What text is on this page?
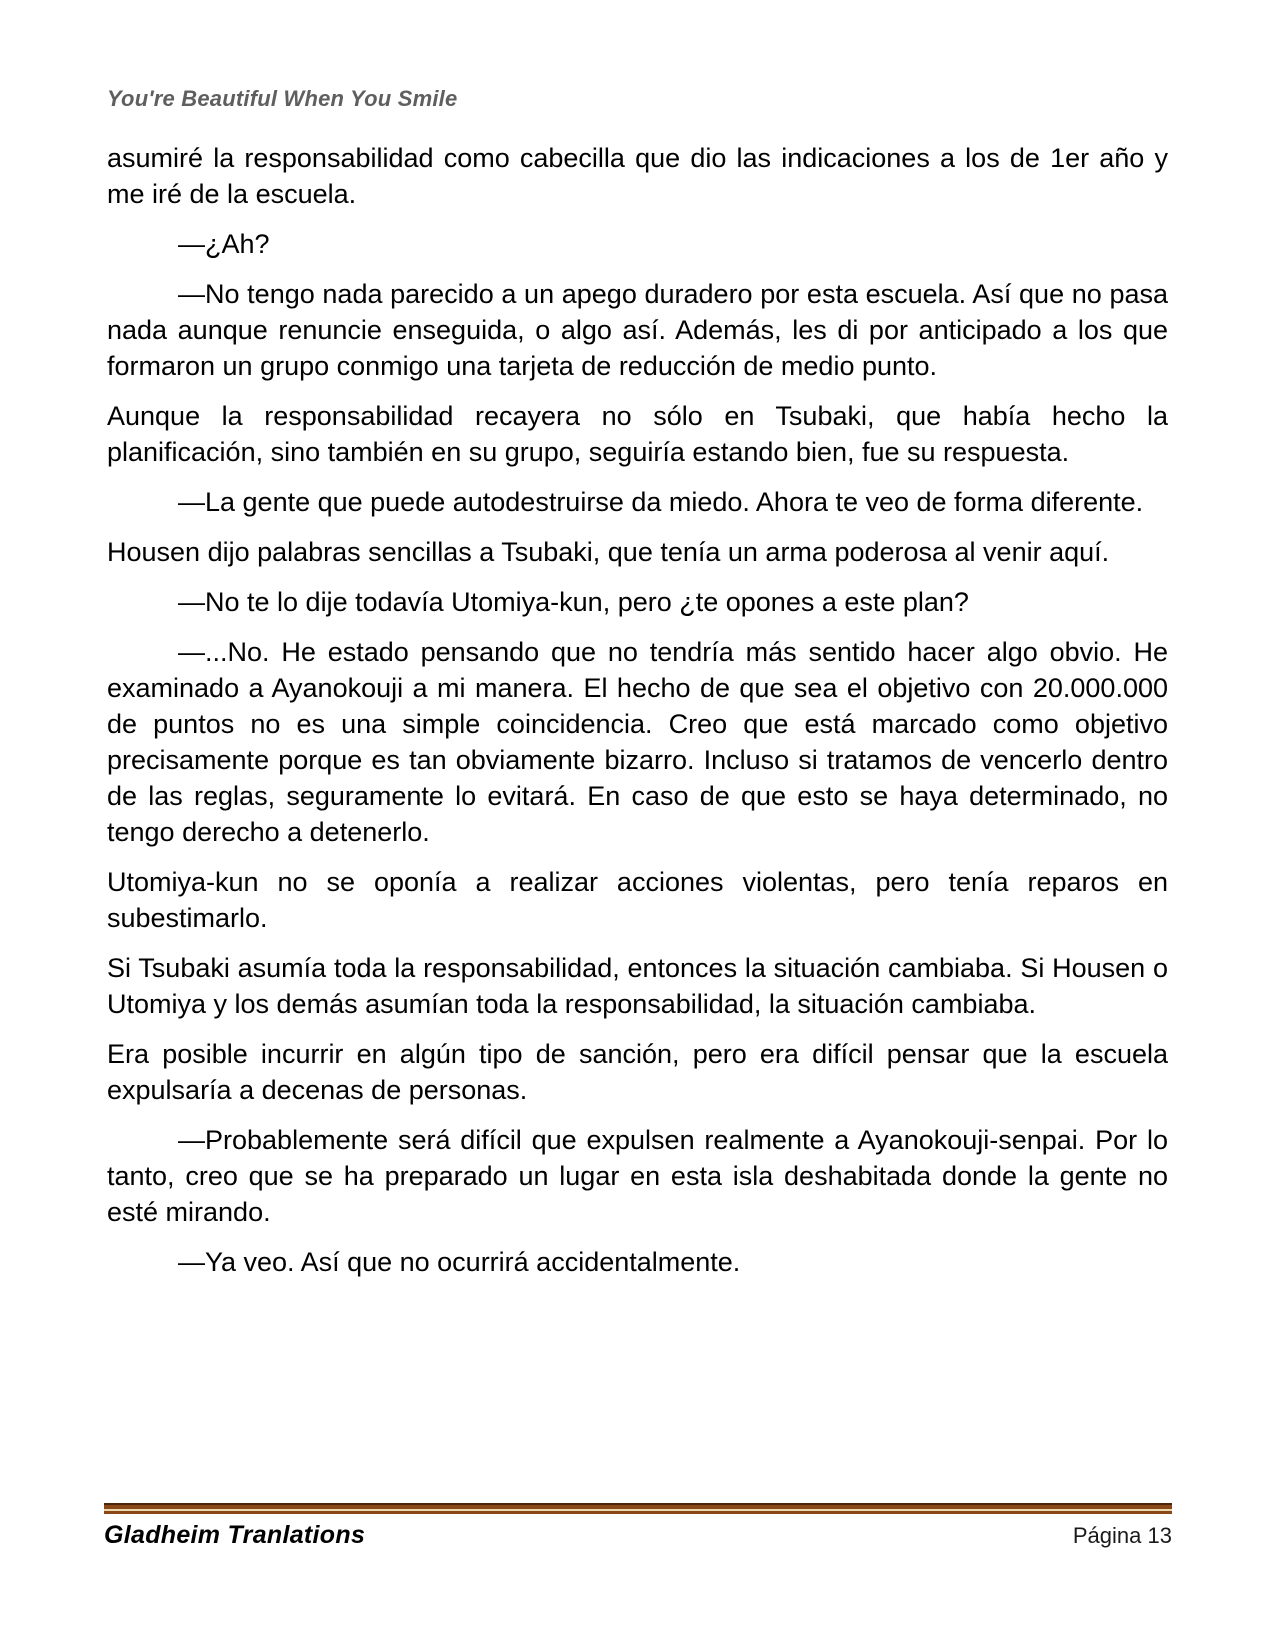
You're Beautiful When You Smile

asumiré la responsabilidad como cabecilla que dio las indicaciones a los de 1er año y me iré de la escuela.

—¿Ah?

—No tengo nada parecido a un apego duradero por esta escuela. Así que no pasa nada aunque renuncie enseguida, o algo así. Además, les di por anticipado a los que formaron un grupo conmigo una tarjeta de reducción de medio punto.

Aunque la responsabilidad recayera no sólo en Tsubaki, que había hecho la planificación, sino también en su grupo, seguiría estando bien, fue su respuesta.

—La gente que puede autodestruirse da miedo. Ahora te veo de forma diferente.

Housen dijo palabras sencillas a Tsubaki, que tenía un arma poderosa al venir aquí.

—No te lo dije todavía Utomiya-kun, pero ¿te opones a este plan?

—...No. He estado pensando que no tendría más sentido hacer algo obvio. He examinado a Ayanokouji a mi manera. El hecho de que sea el objetivo con 20.000.000 de puntos no es una simple coincidencia. Creo que está marcado como objetivo precisamente porque es tan obviamente bizarro. Incluso si tratamos de vencerlo dentro de las reglas, seguramente lo evitará. En caso de que esto se haya determinado, no tengo derecho a detenerlo.

Utomiya-kun no se oponía a realizar acciones violentas, pero tenía reparos en subestimarlo.

Si Tsubaki asumía toda la responsabilidad, entonces la situación cambiaba. Si Housen o Utomiya y los demás asumían toda la responsabilidad, la situación cambiaba.

Era posible incurrir en algún tipo de sanción, pero era difícil pensar que la escuela expulsaría a decenas de personas.

—Probablemente será difícil que expulsen realmente a Ayanokouji-senpai. Por lo tanto, creo que se ha preparado un lugar en esta isla deshabitada donde la gente no esté mirando.

—Ya veo. Así que no ocurrirá accidentalmente.

Gladheim Tranlations	Página 13
